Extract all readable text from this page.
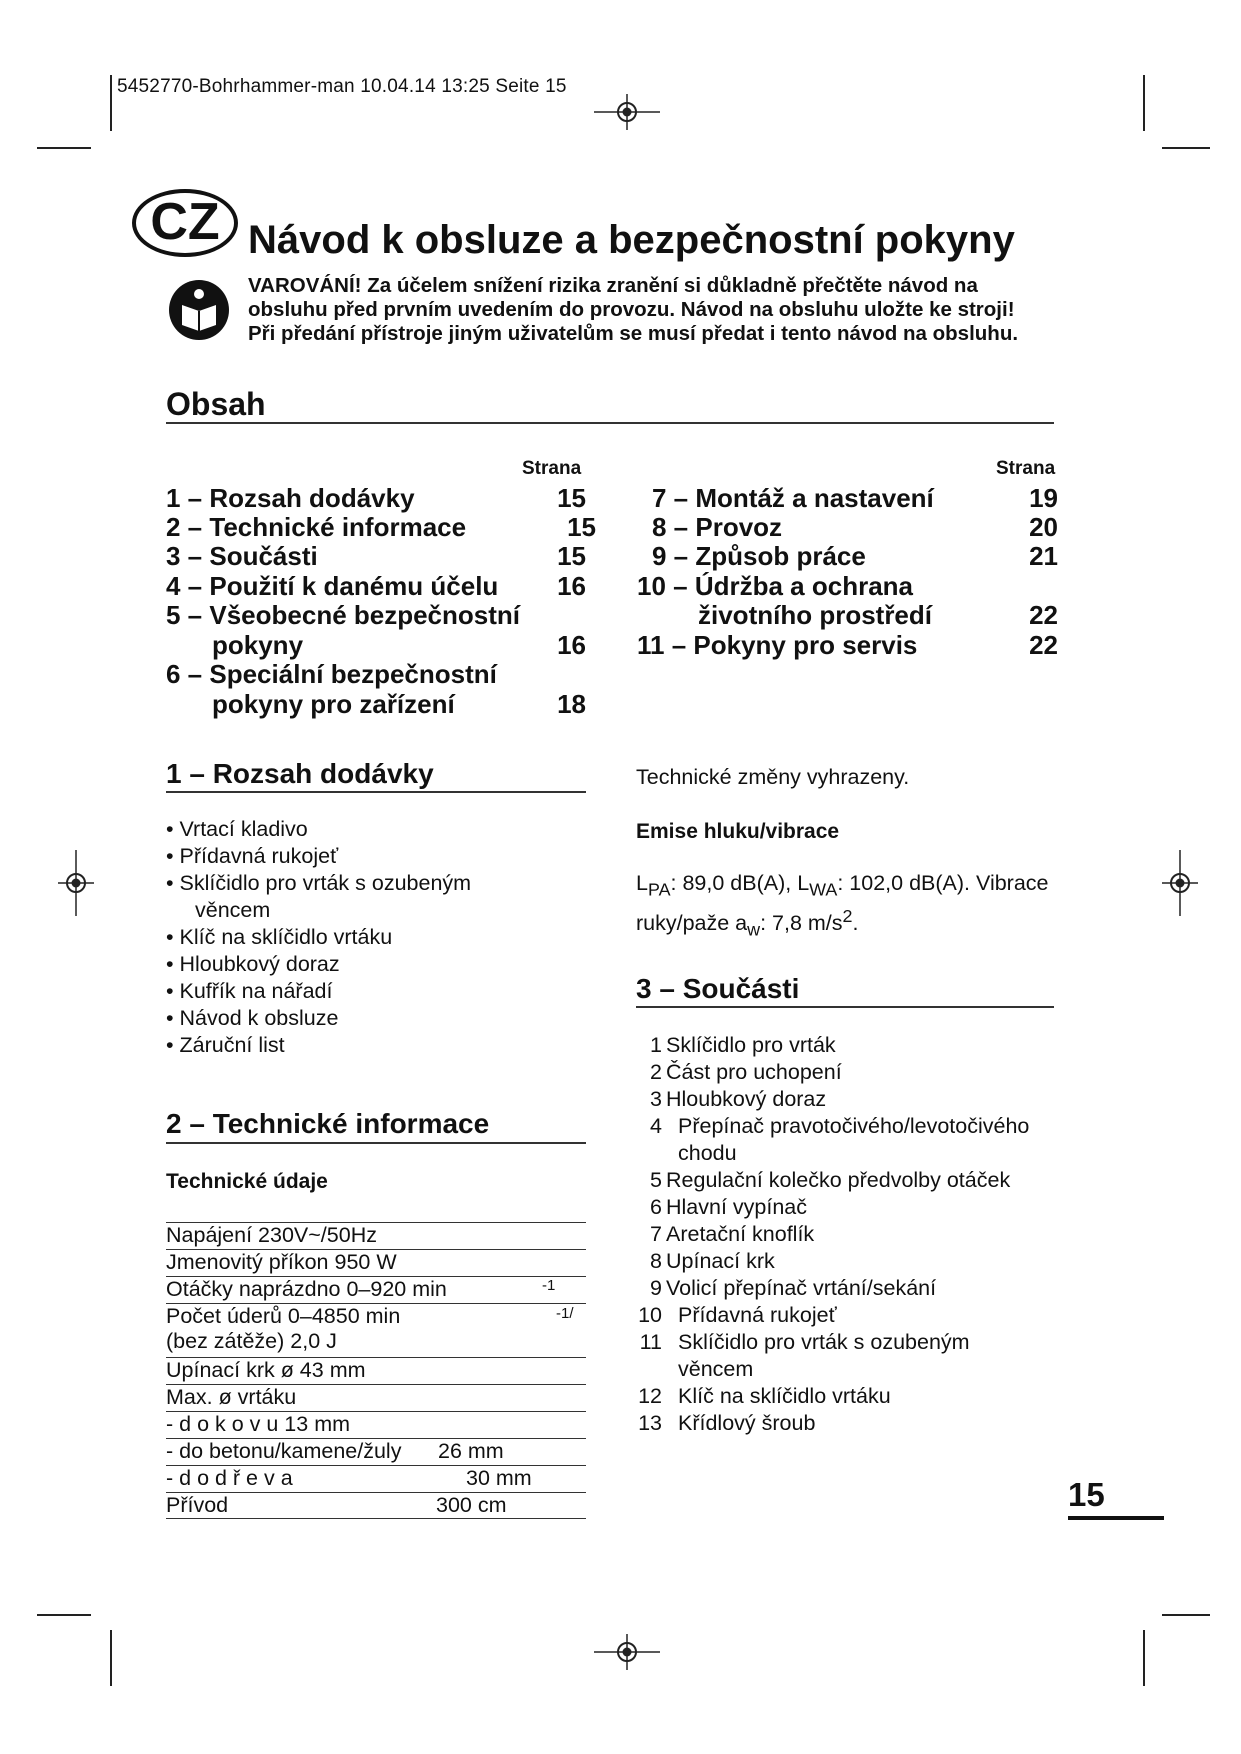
5452770-Bohrhammer-man 10.04.14 13:25 Seite 15
CZ Návod k obsluze a bezpečnostní pokyny
VAROVÁNÍ! Za účelem snížení rizika zranění si důkladně přečtěte návod na
obsluhu před prvním uvedením do provozu. Návod na obsluhu uložte ke stroji!
Při předání přístroje jiným uživatelům se musí předat i tento návod na obsluhu.
Obsah
Strana	Strana
1 – Rozsah dodávky	15
2 – Technické informace	15
3 – Součásti	15
4 – Použití k danému účelu	16
5 – Všeobecné bezpečnostní
pokyny	16
6 – Speciální bezpečnostní
pokyny pro zařízení	18
7 – Montáž a nastavení	19
8 – Provoz	20
9 – Způsob práce	21
10 – Údržba a ochrana
životního prostředí	22
11 – Pokyny pro servis	22
1 – Rozsah dodávky
• Vrtací kladivo
• Přídavná rukojeť
• Sklíčidlo pro vrták s ozubeným
věncem
• Klíč na sklíčidlo vrtáku
• Hloubkový doraz
• Kufřík na nářadí
• Návod k obsluze
• Záruční list
2 – Technické informace
Technické údaje
Napájení 230V~/50Hz
Jmenovitý příkon 950 W
Otáčky naprázdno 0–920 min	-1
Počet úderů 0–4850 min	-1/
(bez zátěže) 2,0 J
Upínací krk ø 43 mm
Max. ø vrtáku
- d o k o v u 13 mm
- do betonu/kamene/žuly 26 mm
- d o d ř e v a	30 mm
Přívod	300 cm
Technické změny vyhrazeny.
Emise hluku/vibrace
$L_{PA}$: 89,0 dB(A), $L_{WA}$: 102,0 dB(A). Vibrace
ruky/paže $a_w$: 7,8 $m/s^2$.
3 – Součásti
1 Sklíčidlo pro vrták
2 Část pro uchopení
3 Hloubkový doraz
4 Přepínač pravotočivého/levotočivého
chodu
5 Regulační kolečko předvolby otáček
6 Hlavní vypínač
7 Aretační knoflík
8 Upínací krk
9 Volicí přepínač vrtání/sekání
10 Přídavná rukojeť
11 Sklíčidlo pro vrták s ozubeným
věncem
12 Klíč na sklíčidlo vrtáku
13 Křídlový šroub
15
